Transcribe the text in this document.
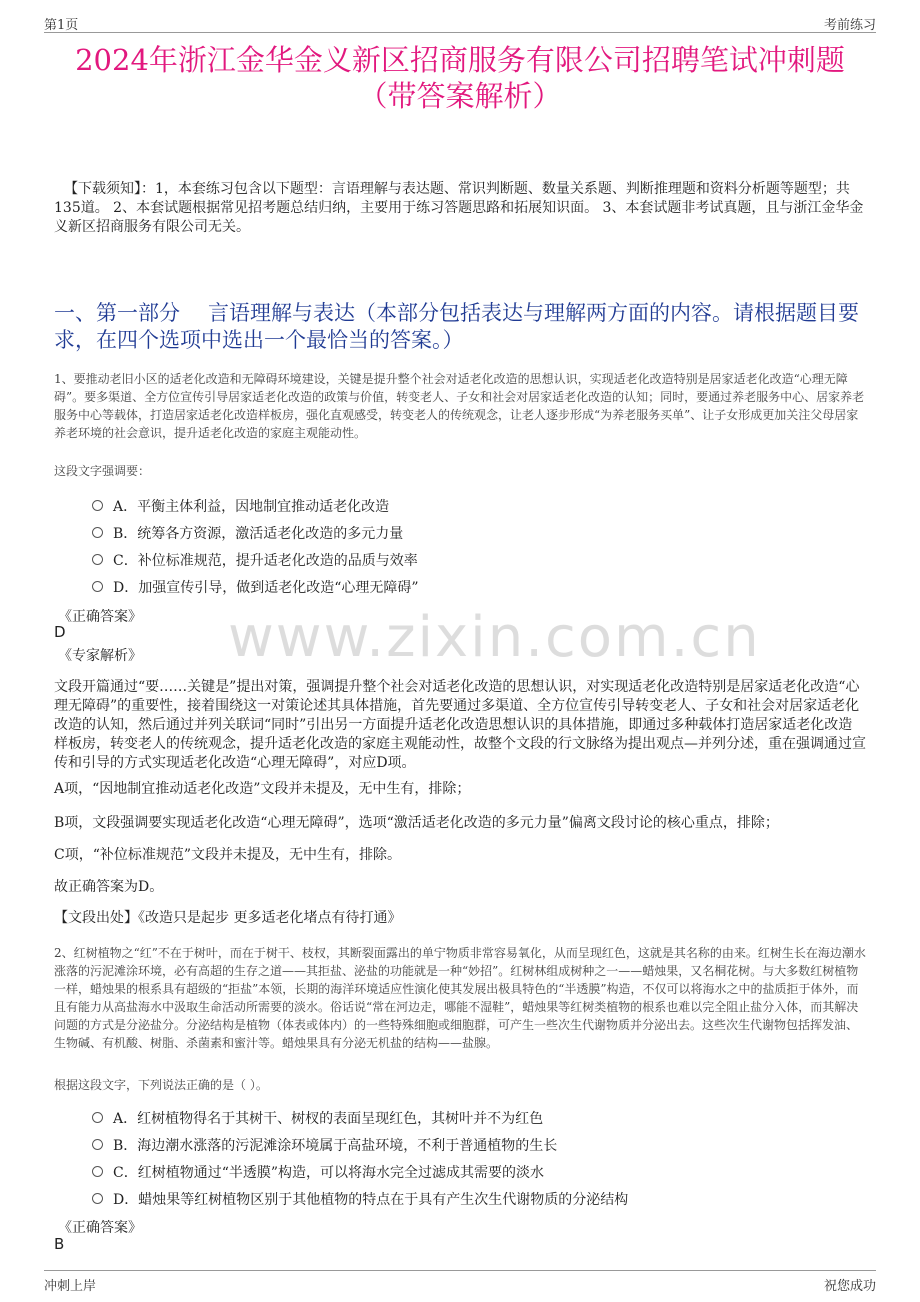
第1页	考前练习
2024年浙江金华金义新区招商服务有限公司招聘笔试冲刺题
（带答案解析）
【下载须知】：1，本套练习包含以下题型：言语理解与表达题、常识判断题、数量关系题、判断推理题和资料分析题等题型；共135道。 2、本套试题根据常见招考题总结归纳，主要用于练习答题思路和拓展知识面。 3、本套试题非考试真题，且与浙江金华金义新区招商服务有限公司无关。
一、第一部分 言语理解与表达（本部分包括表达与理解两方面的内容。请根据题目要求，在四个选项中选出一个最恰当的答案。）
1、要推动老旧小区的适老化改造和无障碍环境建设，关键是提升整个社会对适老化改造的思想认识，实现适老化改造特别是居家适老化改造“心理无障碍”。要多渠道、全方位宣传引导居家适老化改造的政策与价值，转变老人、子女和社会对居家适老化改造的认知；同时，要通过养老服务中心、居家养老服务中心等载体，打造居家适老化改造样板房，强化直观感受，转变老人的传统观念，让老人逐步形成“为养老服务买单”、让子女形成更加关注父母居家养老环境的社会意识，提升适老化改造的家庭主观能动性。
这段文字强调要：
A．平衡主体利益，因地制宜推动适老化改造
B．统筹各方资源，激活适老化改造的多元力量
C．补位标准规范，提升适老化改造的品质与效率
D．加强宣传引导，做到适老化改造“心理无障碍”
《正确答案》
D
《专家解析》 www.zixin.com.cn
文段开篇通过“要……关键是”提出对策，强调提升整个社会对适老化改造的思想认识，对实现适老化改造特别是居家适老化改造“心理无障碍”的重要性，接着围绕这一对策论述其具体措施，首先要通过多渠道、全方位宣传引导转变老人、子女和社会对居家适老化改造的认知，然后通过并列关联词“同时”引出另一方面提升适老化改造思想认识的具体措施，即通过多种载体打造居家适老化改造样板房，转变老人的传统观念，提升适老化改造的家庭主观能动性，故整个文段的行文脉络为提出观点—并列分述，重在强调通过宣传和引导的方式实现适老化改造“心理无障碍”，对应D项。
A项，“因地制宜推动适老化改造”文段并未提及，无中生有，排除；
B项，文段强调要实现适老化改造“心理无障碍”，选项“激活适老化改造的多元力量”偏离文段讨论的核心重点，排除；
C项，“补位标准规范”文段并未提及，无中生有，排除。
故正确答案为D。
【文段出处】《改造只是起步 更多适老化堵点有待打通》
2、红树植物之“红”不在于树叶，而在于树干、枝杈，其断裂面露出的单宁物质非常容易氧化，从而呈现红色，这就是其名称的由来。红树生长在海边潮水涨落的污泥滩涂环境，必有高超的生存之道——其拒盐、泌盐的功能就是一种“妙招”。红树林组成树种之一——蜡烛果，又名桐花树。与大多数红树植物一样，蜡烛果的根系具有超级的“拒盐”本领，长期的海洋环境适应性演化使其发展出极具特色的“半透膜”构造，不仅可以将海水之中的盐质拒于体外，而且有能力从高盐海水中汲取生命活动所需要的淡水。俗话说“常在河边走，哪能不湿鞋”，蜡烛果等红树类植物的根系也难以完全阻止盐分入体，而其解决问题的方式是分泌盐分。分泌结构是植物（体表或体内）的一些特殊细胞或细胞群，可产生一些次生代谢物质并分泌出去。这些次生代谢物包括挥发油、生物碱、有机酸、树脂、杀菌素和蜜汁等。蜡烛果具有分泌无机盐的结构——盐腺。
根据这段文字，下列说法正确的是（ ）。
A．红树植物得名于其树干、树杈的表面呈现红色，其树叶并不为红色
B．海边潮水涨落的污泥滩涂环境属于高盐环境，不利于普通植物的生长
C．红树植物通过“半透膜”构造，可以将海水完全过滤成其需要的淡水
D．蜡烛果等红树植物区别于其他植物的特点在于具有产生次生代谢物质的分泌结构
《正确答案》
B
冲刺上岸	祝您成功
